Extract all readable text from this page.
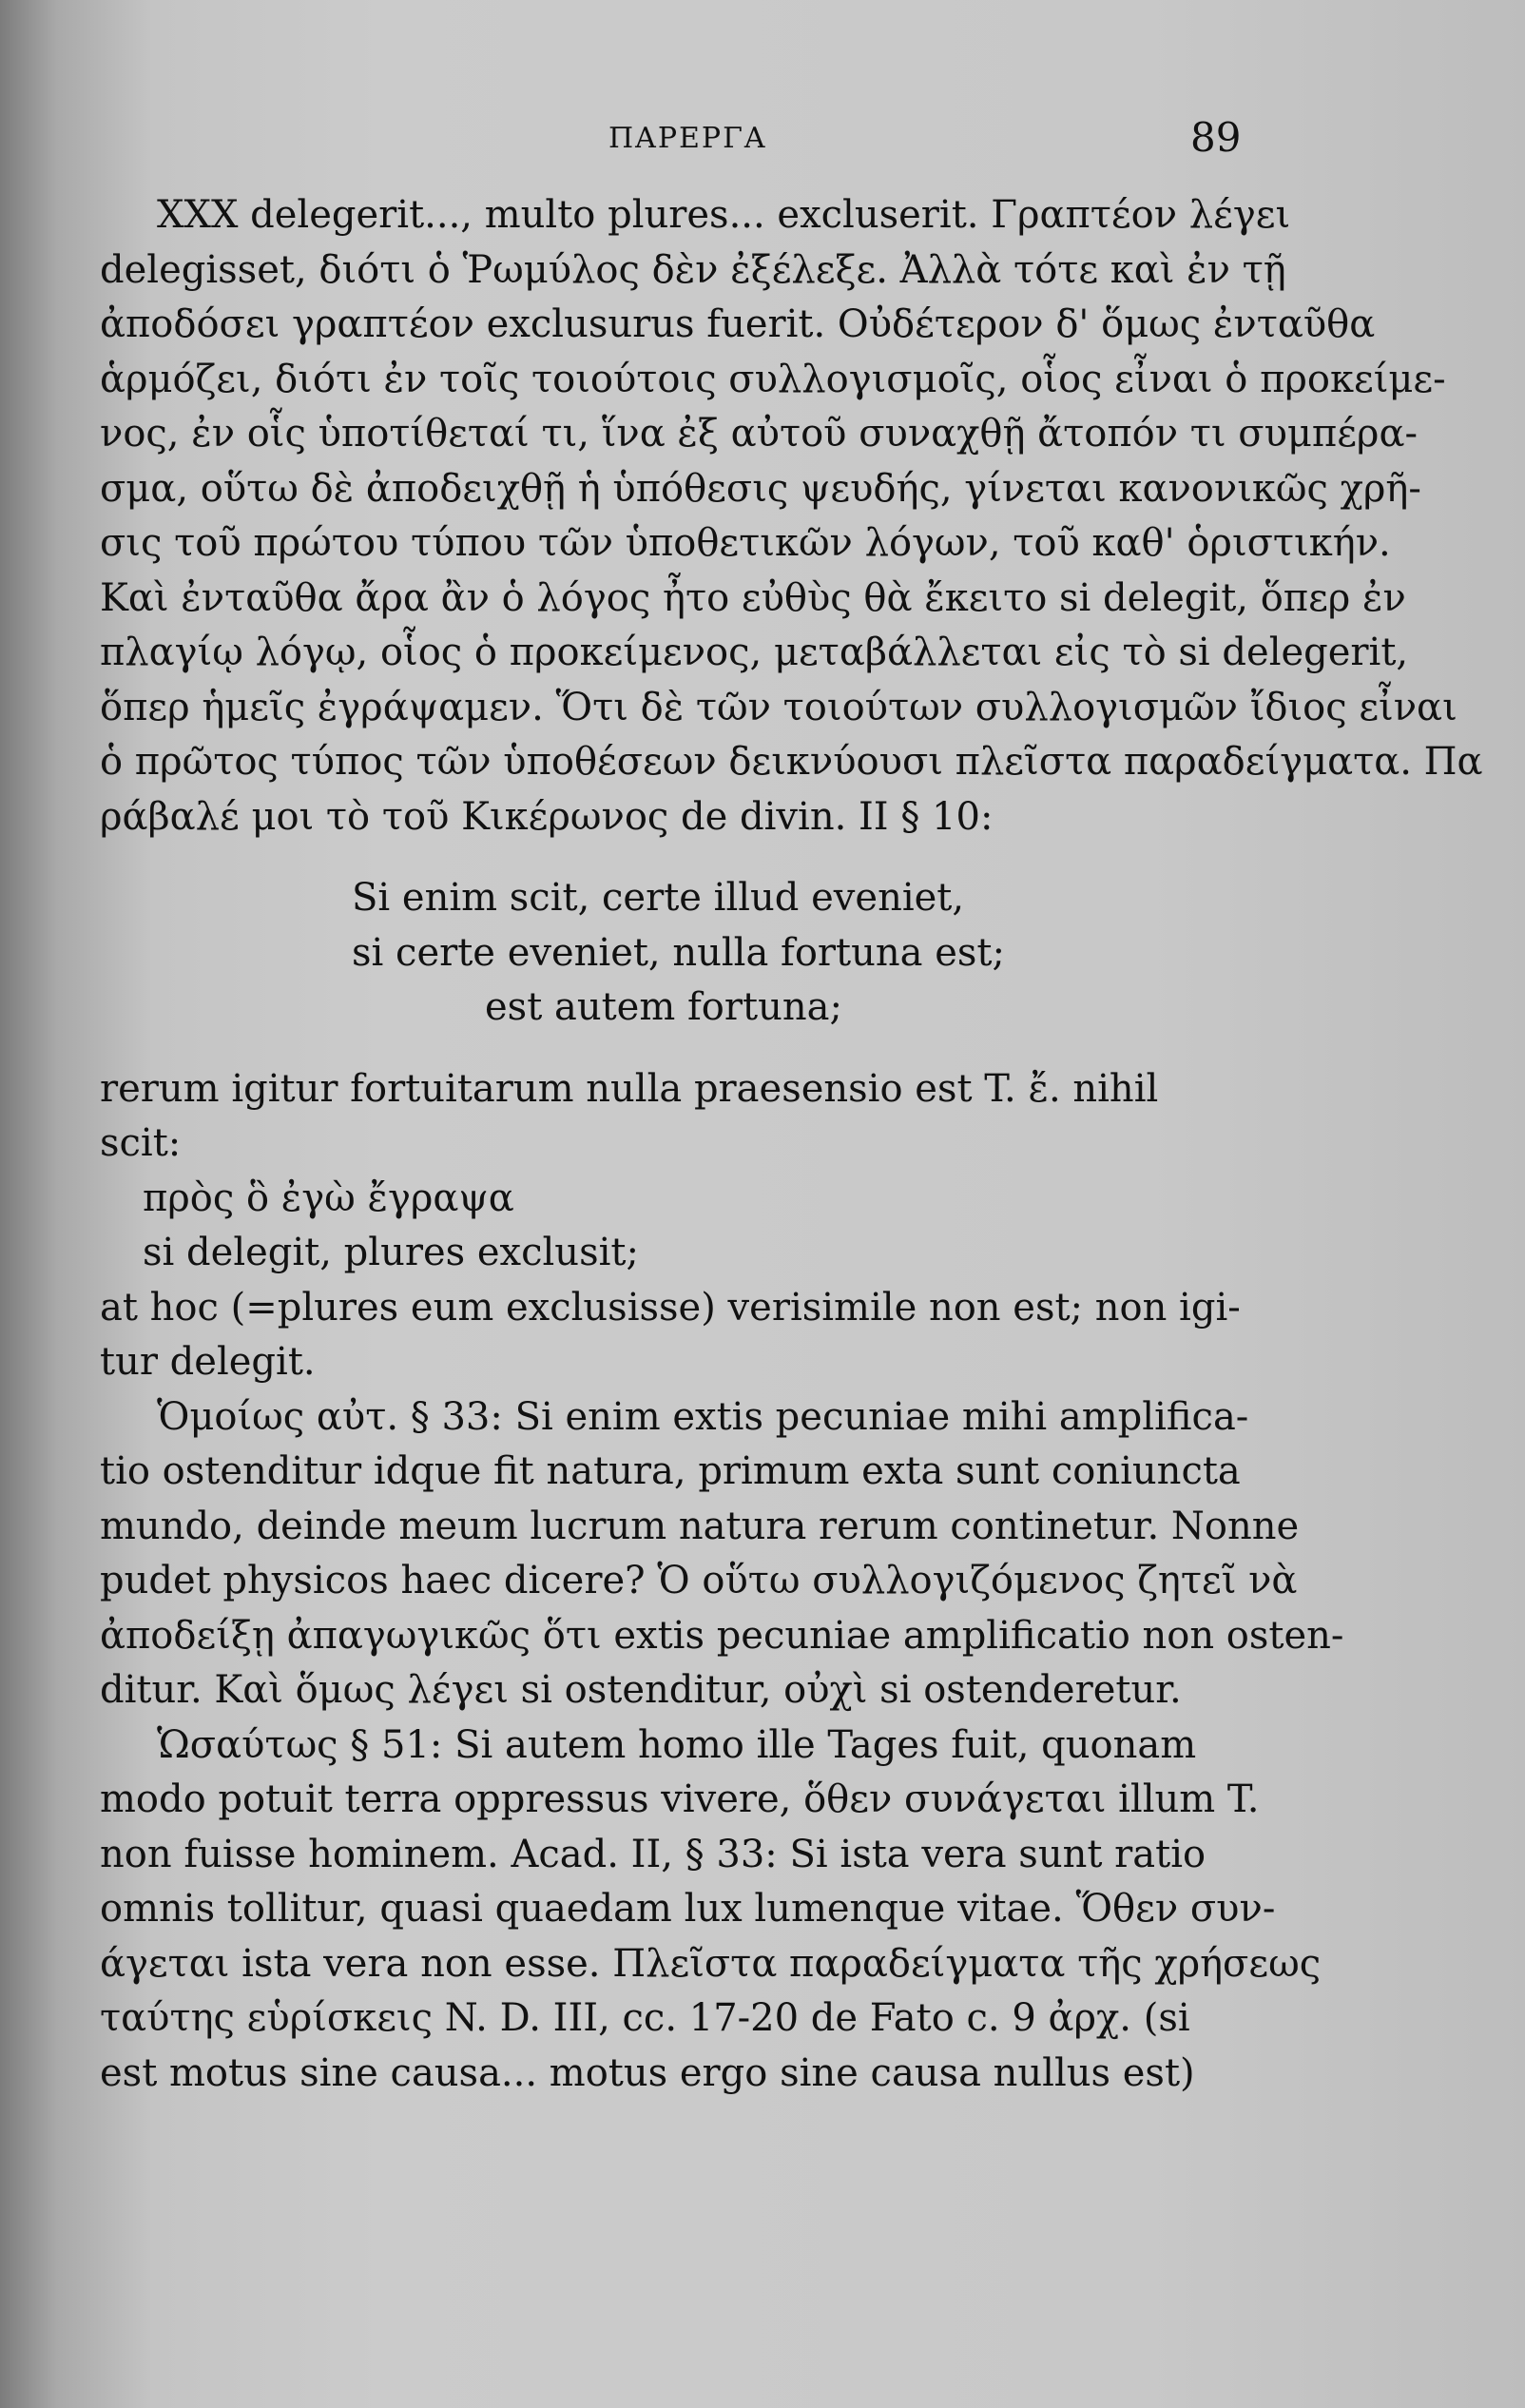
ΠΑΡΕΡΓΑ	89
XXX delegerit..., multo plures... excluserit. Γραπτέον λέγει
delegisset, διότι ὁ Ῥωμύλος δὲν ἐξέλεξε. Ἀλλὰ τότε καὶ ἐν τῇ
ἀποδόσει γραπτέον exclusurus fuerit. Οὐδέτερον δ' ὅμως ἐνταῦθα
ἁρμόζει, διότι ἐν τοῖς τοιούτοις συλλογισμοῖς, οἷος εἶναι ὁ προκείμε-
νος, ἐν οἷς ὑποτίθεταί τι, ἵνα ἐξ αὐτοῦ συναχθῇ ἄτοπόν τι συμπέρα-
σμα, οὕτω δὲ ἀποδειχθῇ ἡ ὑπόθεσις ψευδής, γίνεται κανονικῶς χρῆ-
σις τοῦ πρώτου τύπου τῶν ὑποθετικῶν λόγων, τοῦ καθ' ὁριστικήν.
Καὶ ἐνταῦθα ἄρα ἂν ὁ λόγος ἦτο εὐθὺς θὰ ἔκειτο si delegit, ὅπερ ἐν
πλαγίῳ λόγῳ, οἷος ὁ προκείμενος, μεταβάλλεται εἰς τὸ si delegerit,
ὅπερ ἡμεῖς ἐγράψαμεν. Ὅτι δὲ τῶν τοιούτων συλλογισμῶν ἴδιος εἶναι
ὁ πρῶτος τύπος τῶν ὑποθέσεων δεικνύουσι πλεῖστα παραδείγματα. Πα
ράβαλέ μοι τὸ τοῦ Κικέρωνος de divin. II § 10:
Si enim scit, certe illud eveniet,
si certe eveniet, nulla fortuna est;
est autem fortuna;
rerum igitur fortuitarum nulla praesensio est T. ἔ. nihil
scit:
πρὸς ὃ ἐγὼ ἔγραψα
si delegit, plures exclusit;
at hoc (=plures eum exclusisse) verisimile non est; non igi-
tur delegit.
Ὁμοίως αὐτ. § 33: Si enim extis pecuniae mihi amplifica-
tio ostenditur idque fit natura, primum exta sunt coniuncta
mundo, deinde meum lucrum natura rerum continetur. Nonne
pudet physicos haec dicere? Ὁ οὕτω συλλογιζόμενος ζητεῖ νὰ
ἀποδείξῃ ἀπαγωγικῶς ὅτι extis pecuniae amplificatio non osten-
ditur. Καὶ ὅμως λέγει si ostenditur, οὐχὶ si ostenderetur.
Ὡσαύτως § 51: Si autem homo ille Tages fuit, quonam
modo potuit terra oppressus vivere, ὅθεν συνάγεται illum T.
non fuisse hominem. Acad. II, § 33: Si ista vera sunt ratio
omnis tollitur, quasi quaedam lux lumenque vitae. Ὅθεν συν-
άγεται ista vera non esse. Πλεῖστα παραδείγματα τῆς χρήσεως
ταύτης εὑρίσκεις N. D. III, cc. 17-20 de Fato c. 9 ἀρχ. (si
est motus sine causa... motus ergo sine causa nullus est)
